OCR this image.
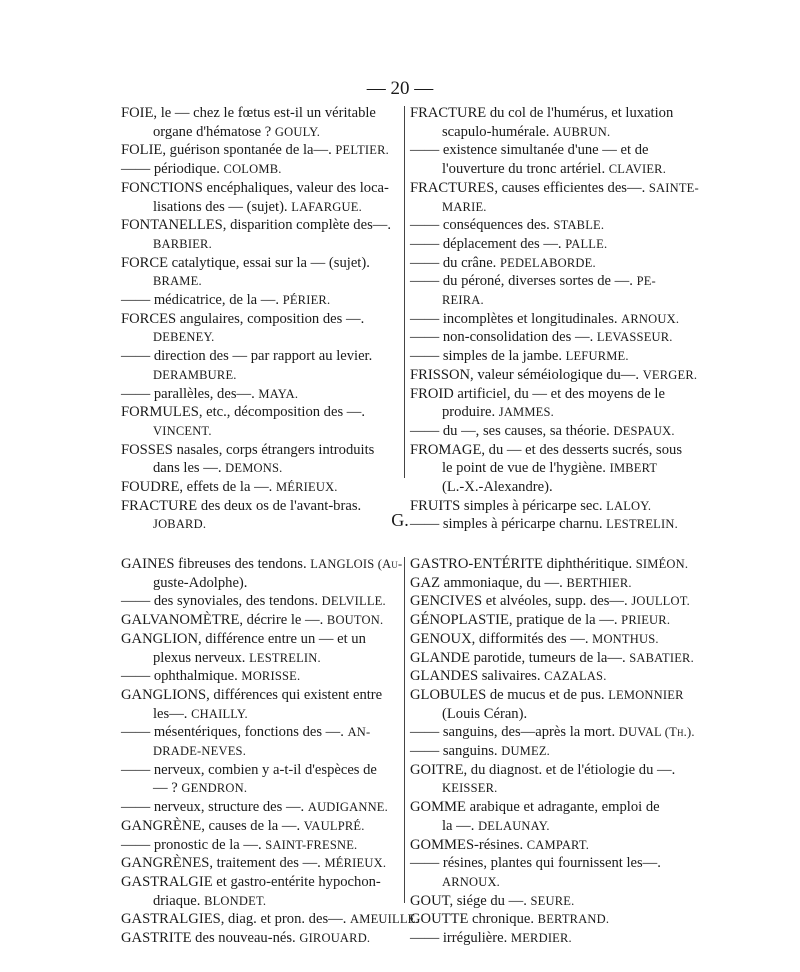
— 20 —
FOIE, le — chez le fœtus est-il un véritable
organe d'hématose ? GOULY.
FOLIE, guérison spontanée de la—. PELTIER.
—— périodique. COLOMB.
FONCTIONS encéphaliques, valeur des loca-
lisations des — (sujet). LAFARGUE.
FONTANELLES, disparition complète des—.
BARBIER.
FORCE catalytique, essai sur la — (sujet).
BRAME.
—— médicatrice, de la —. PÉRIER.
FORCES angulaires, composition des —.
DEBENEY.
—— direction des — par rapport au levier.
DERAMBURE.
—— parallèles, des—. MAYA.
FORMULES, etc., décomposition des —.
VINCENT.
FOSSES nasales, corps étrangers introduits
dans les —. DEMONS.
FOUDRE, effets de la —. MÉRIEUX.
FRACTURE des deux os de l'avant-bras.
JOBARD.
FRACTURE du col de l'humérus, et luxation
scapulo-humérale. AUBRUN.
—— existence simultanée d'une — et de
l'ouverture du tronc artériel. CLAVIER.
FRACTURES, causes efficientes des—. SAINTE-
MARIE.
—— conséquences des. STABLE.
—— déplacement des —. PALLE.
—— du crâne. PEDELABORDE.
—— du péroné, diverses sortes de —. PE-
REIRA.
—— incomplètes et longitudinales. ARNOUX.
—— non-consolidation des —. LEVASSEUR.
—— simples de la jambe. LEFURME.
FRISSON, valeur séméiologique du—. VERGER.
FROID artificiel, du — et des moyens de le
produire. JAMMES.
—— du —, ses causes, sa théorie. DESPAUX.
FROMAGE, du — et des desserts sucrés, sous
le point de vue de l'hygiène. IMBERT
(L.-X.-Alexandre).
FRUITS simples à péricarpe sec. LALOY.
—— simples à péricarpe charnu. LESTRELIN.
G.
GAINES fibreuses des tendons. LANGLOIS (Au-
guste-Adolphe).
—— des synoviales, des tendons. DELVILLE.
GALVANOMÈTRE, décrire le —. BOUTON.
GANGLION, différence entre un — et un
plexus nerveux. LESTRELIN.
—— ophthalmique. MORISSE.
GANGLIONS, différences qui existent entre
les—. CHAILLY.
—— mésentériques, fonctions des —. AN-
DRADE-NEVES.
—— nerveux, combien y a-t-il d'espèces de
— ? GENDRON.
—— nerveux, structure des —. AUDIGANNE.
GANGRÈNE, causes de la —. VAULPRÉ.
—— pronostic de la —. SAINT-FRESNE.
GANGRÈNES, traitement des —. MÉRIEUX.
GASTRALGIE et gastro-entérite hypochon-
driaque. BLONDET.
GASTRALGIES, diag. et pron. des—. AMEUILLE.
GASTRITE des nouveau-nés. GIROUARD.
GASTRO-ENTÉRITE diphthéritique. SIMÉON.
GAZ ammoniaque, du —. BERTHIER.
GENCIVES et alvéoles, supp. des—. JOULLOT.
GÉNOPLASTIE, pratique de la —. PRIEUR.
GENOUX, difformités des —. MONTHUS.
GLANDE parotide, tumeurs de la—. SABATIER.
GLANDES salivaires. CAZALAS.
GLOBULES de mucus et de pus. LEMONNIER
(Louis Céran).
—— sanguins, des—après la mort. DUVAL (Th.).
—— sanguins. DUMEZ.
GOITRE, du diagnost. et de l'étiologie du —.
KEISSER.
GOMME arabique et adragante, emploi de
la —. DELAUNAY.
GOMMES-résines. CAMPART.
—— résines, plantes qui fournissent les—.
ARNOUX.
GOUT, siége du —. SEURE.
GOUTTE chronique. BERTRAND.
—— irrégulière. MERDIER.
